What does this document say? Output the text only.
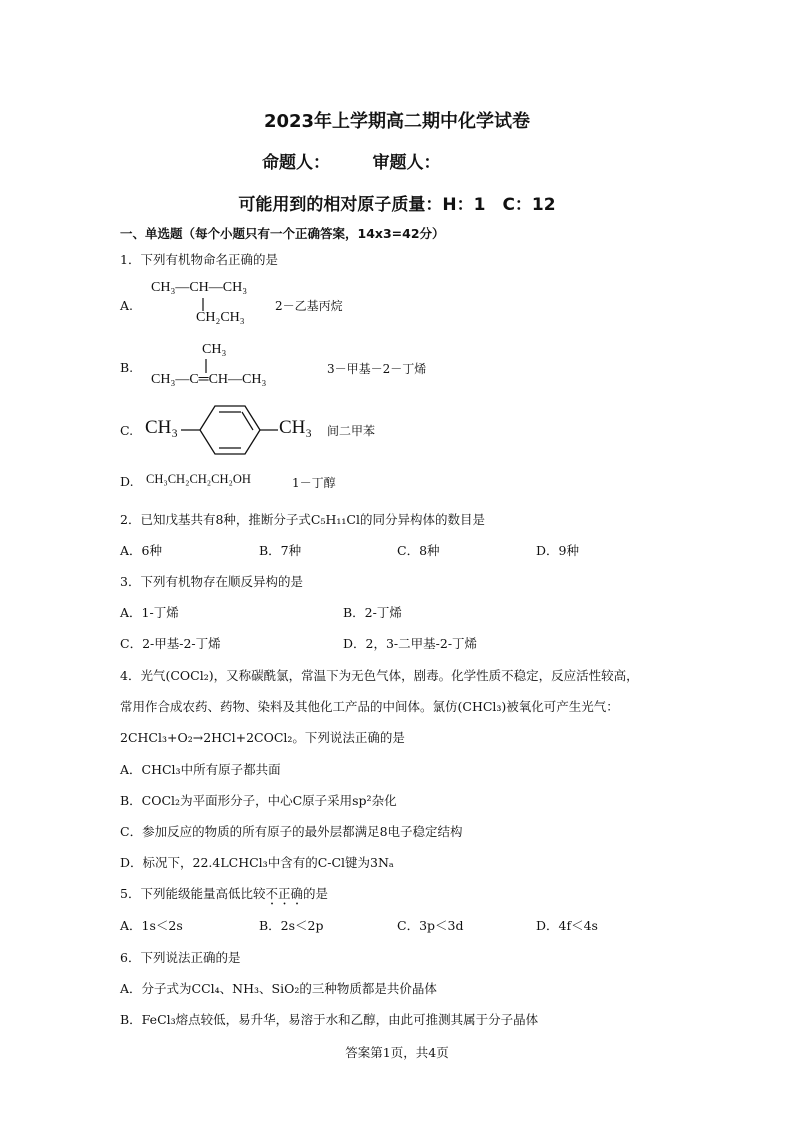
2023年上学期高二期中化学试卷
命题人：　　　审题人：
可能用到的相对原子质量：H：1　C：12
一、单选题（每个小题只有一个正确答案，14x3=42分）
1．下列有机物命名正确的是
A.
CH₃—CH—CH₃
CH₂CH₃
2－乙基丙烷
B.
CH₃
CH₃—C═CH—CH₃
3－甲基－2－丁烯
C. CH₃	CH₃ 间二甲苯
D. CH₃CH₂CH₂CH₂OH	1－丁醇
2．已知戊基共有8种，推断分子式C₅H₁₁Cl的同分异构体的数目是
A．6种	B．7种	C．8种	D．9种
3．下列有机物存在顺反异构的是
A．1-丁烯	B．2-丁烯
C．2-甲基-2-丁烯	D．2，3-二甲基-2-丁烯
4．光气(COCl₂)，又称碳酰氯，常温下为无色气体，剧毒。化学性质不稳定，反应活性较高，
常用作合成农药、药物、染料及其他化工产品的中间体。氯仿(CHCl₃)被氧化可产生光气：
2CHCl₃+O₂→2HCl+2COCl₂。下列说法正确的是
A．CHCl₃中所有原子都共面
B．COCl₂为平面形分子，中心C原子采用sp²杂化
C．参加反应的物质的所有原子的最外层都满足8电子稳定结构
D．标况下，22.4LCHCl₃中含有的C-Cl键为3Nₐ
5．下列能级能量高低比较不正确的是
A．1s＜2s	B．2s＜2p	C．3p＜3d	D．4f＜4s
6．下列说法正确的是
A．分子式为CCl₄、NH₃、SiO₂的三种物质都是共价晶体
B．FeCl₃熔点较低，易升华，易溶于水和乙醇，由此可推测其属于分子晶体
答案第1页，共4页
